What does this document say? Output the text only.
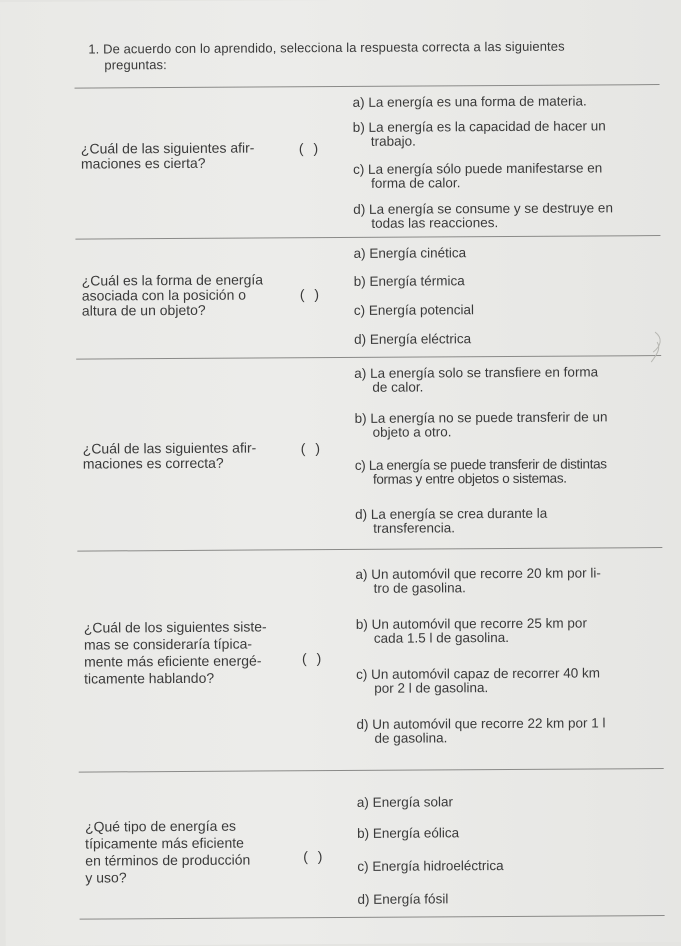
1. De acuerdo con lo aprendido, selecciona la respuesta correcta a las siguientes
preguntas:
¿Cuál de las siguientes afir-
maciones es cierta?
( )
a) La energía es una forma de materia.
b) La energía es la capacidad de hacer un
trabajo.
c) La energía sólo puede manifestarse en
forma de calor.
d) La energía se consume y se destruye en
todas las reacciones.
¿Cuál es la forma de energía
asociada con la posición o
altura de un objeto?
( )
a) Energía cinética
b) Energía térmica
c) Energía potencial
d) Energía eléctrica
¿Cuál de las siguientes afir-
maciones es correcta?
( )
a) La energía solo se transfiere en forma
de calor.
b) La energía no se puede transferir de un
objeto a otro.
c) La energía se puede transferir de distintas
formas y entre objetos o sistemas.
d) La energía se crea durante la
transferencia.
¿Cuál de los siguientes siste-
mas se consideraría típica-
mente más eficiente energé-
ticamente hablando?
( )
a) Un automóvil que recorre 20 km por li-
tro de gasolina.
b) Un automóvil que recorre 25 km por
cada 1.5 l de gasolina.
c) Un automóvil capaz de recorrer 40 km
por 2 l de gasolina.
d) Un automóvil que recorre 22 km por 1 l
de gasolina.
¿Qué tipo de energía es
típicamente más eficiente
en términos de producción
y uso?
( )
a) Energía solar
b) Energía eólica
c) Energía hidroeléctrica
d) Energía fósil
